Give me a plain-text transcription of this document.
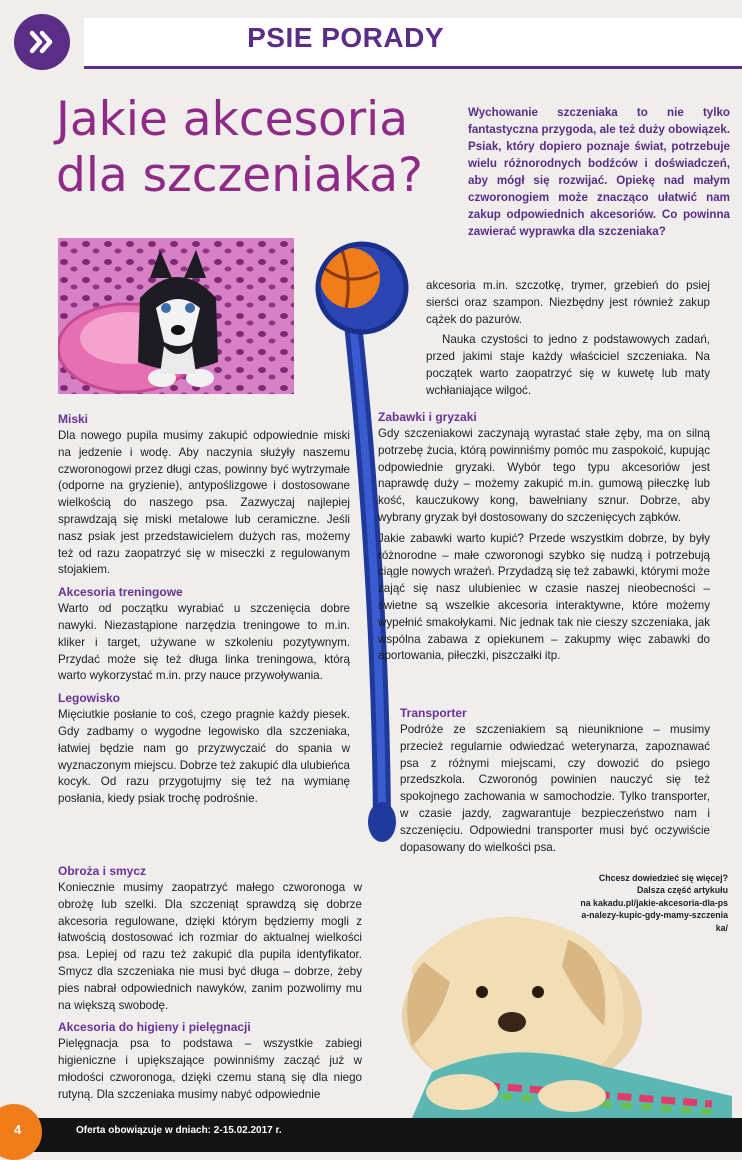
PSIE PORADY
Jakie akcesoria
dla szczeniaka?

Wychowanie szczeniaka to nie tylko fantastyczna przygoda, ale też duży obowiązek. Psiak, który dopiero poznaje świat, potrzebuje wielu różnorodnych bodźców i doświadczeń, aby mógł się rozwijać. Opiekę nad małym czworonogiem może znacząco ułatwić nam zakup odpowiednich akcesoriów. Co powinna zawierać wyprawka dla szczeniaka?

Miski

Dla nowego pupila musimy zakupić odpowiednie miski na jedzenie i wodę. Aby naczynia służyły naszemu czworonogowi przez długi czas, powinny być wytrzymałe (odporne na gryzienie), antypoślizgowe i dostosowane wielkością do naszego psa. Zazwyczaj najlepiej sprawdzają się miski metalowe lub ceramiczne. Jeśli nasz psiak jest przedstawicielem dużych ras, możemy też od razu zaopatrzyć się w miseczki z regulowanym stojakiem.

Akcesoria treningowe

Warto od początku wyrabiać u szczenięcia dobre nawyki. Niezastąpione narzędzia treningowe to m.in. kliker i target, używane w szkoleniu pozytywnym. Przydać może się też długa linka treningowa, którą warto wykorzystać m.in. przy nauce przywoływania.

Legowisko

Mięciutkie posłanie to coś, czego pragnie każdy piesek. Gdy zadbamy o wygodne legowisko dla szczeniaka, łatwiej będzie nam go przyzwyczaić do spania w wyznaczonym miejscu. Dobrze też zakupić dla ulubieńca kocyk. Od razu przygotujmy się też na wymianę posłania, kiedy psiak trochę podrośnie.

Obroża i smycz

Koniecznie musimy zaopatrzyć małego czworonoga w obrożę lub szelki. Dla szczeniąt sprawdzą się dobrze akcesoria regulowane, dzięki którym będziemy mogli z łatwością dostosować ich rozmiar do aktualnej wielkości psa. Lepiej od razu też zakupić dla pupila identyfikator. Smycz dla szczeniaka nie musi być długa – dobrze, żeby pies nabrał odpowiednich nawyków, zanim pozwolimy mu na większą swobodę.

Akcesoria do higieny i pielęgnacji

Pielęgnacja psa to podstawa – wszystkie zabiegi higieniczne i upiększające powinniśmy zacząć już w młodości czworonoga, dzięki czemu staną się dla niego rutyną. Dla szczeniaka musimy nabyć odpowiednie

akcesoria m.in. szczotkę, trymer, grzebień do psiej sierści oraz szampon. Niezbędny jest również zakup cążek do pazurów.

Nauka czystości to jedno z podstawowych zadań, przed jakimi staje każdy właściciel szczeniaka. Na początek warto zaopatrzyć się w kuwetę lub maty wchłaniające wilgoć.

Zabawki i gryzaki

Gdy szczeniakowi zaczynają wyrastać stałe zęby, ma on silną potrzebę żucia, którą powinniśmy pomóc mu zaspokoić, kupując odpowiednie gryzaki. Wybór tego typu akcesoriów jest naprawdę duży – możemy zakupić m.in. gumową piłeczkę lub kość, kauczukowy kong, bawełniany sznur. Dobrze, aby wybrany gryzak był dostosowany do szczenięcych ząbków.

Jakie zabawki warto kupić? Przede wszystkim dobrze, by były różnorodne – małe czworonogi szybko się nudzą i potrzebują ciągle nowych wrażeń. Przydadzą się też zabawki, którymi może zająć się nasz ulubieniec w czasie naszej nieobecności – świetne są wszelkie akcesoria interaktywne, które możemy wypełnić smakołykami. Nic jednak tak nie cieszy szczeniaka, jak wspólna zabawa z opiekunem – zakupmy więc zabawki do aportowania, piłeczki, piszczałki itp.

Transporter

Podróże ze szczeniakiem są nieuniknione – musimy przecież regularnie odwiedzać weterynarza, zapoznawać psa z różnymi miejscami, czy dowozić do psiego przedszkola. Czworonóg powinien nauczyć się też spokojnego zachowania w samochodzie. Tylko transporter, w czasie jazdy, zagwarantuje bezpieczeństwo nam i szczenięciu. Odpowiedni transporter musi być oczywiście dopasowany do wielkości psa.

Chcesz dowiedzieć się więcej?
Dalsza część artykułu
na kakadu.pl/jakie-akcesoria-dla-psa-nalezy-kupic-gdy-mamy-szczeniaka/

Oferta obowiązuje w dniach: 2-15.02.2017 r.
4
